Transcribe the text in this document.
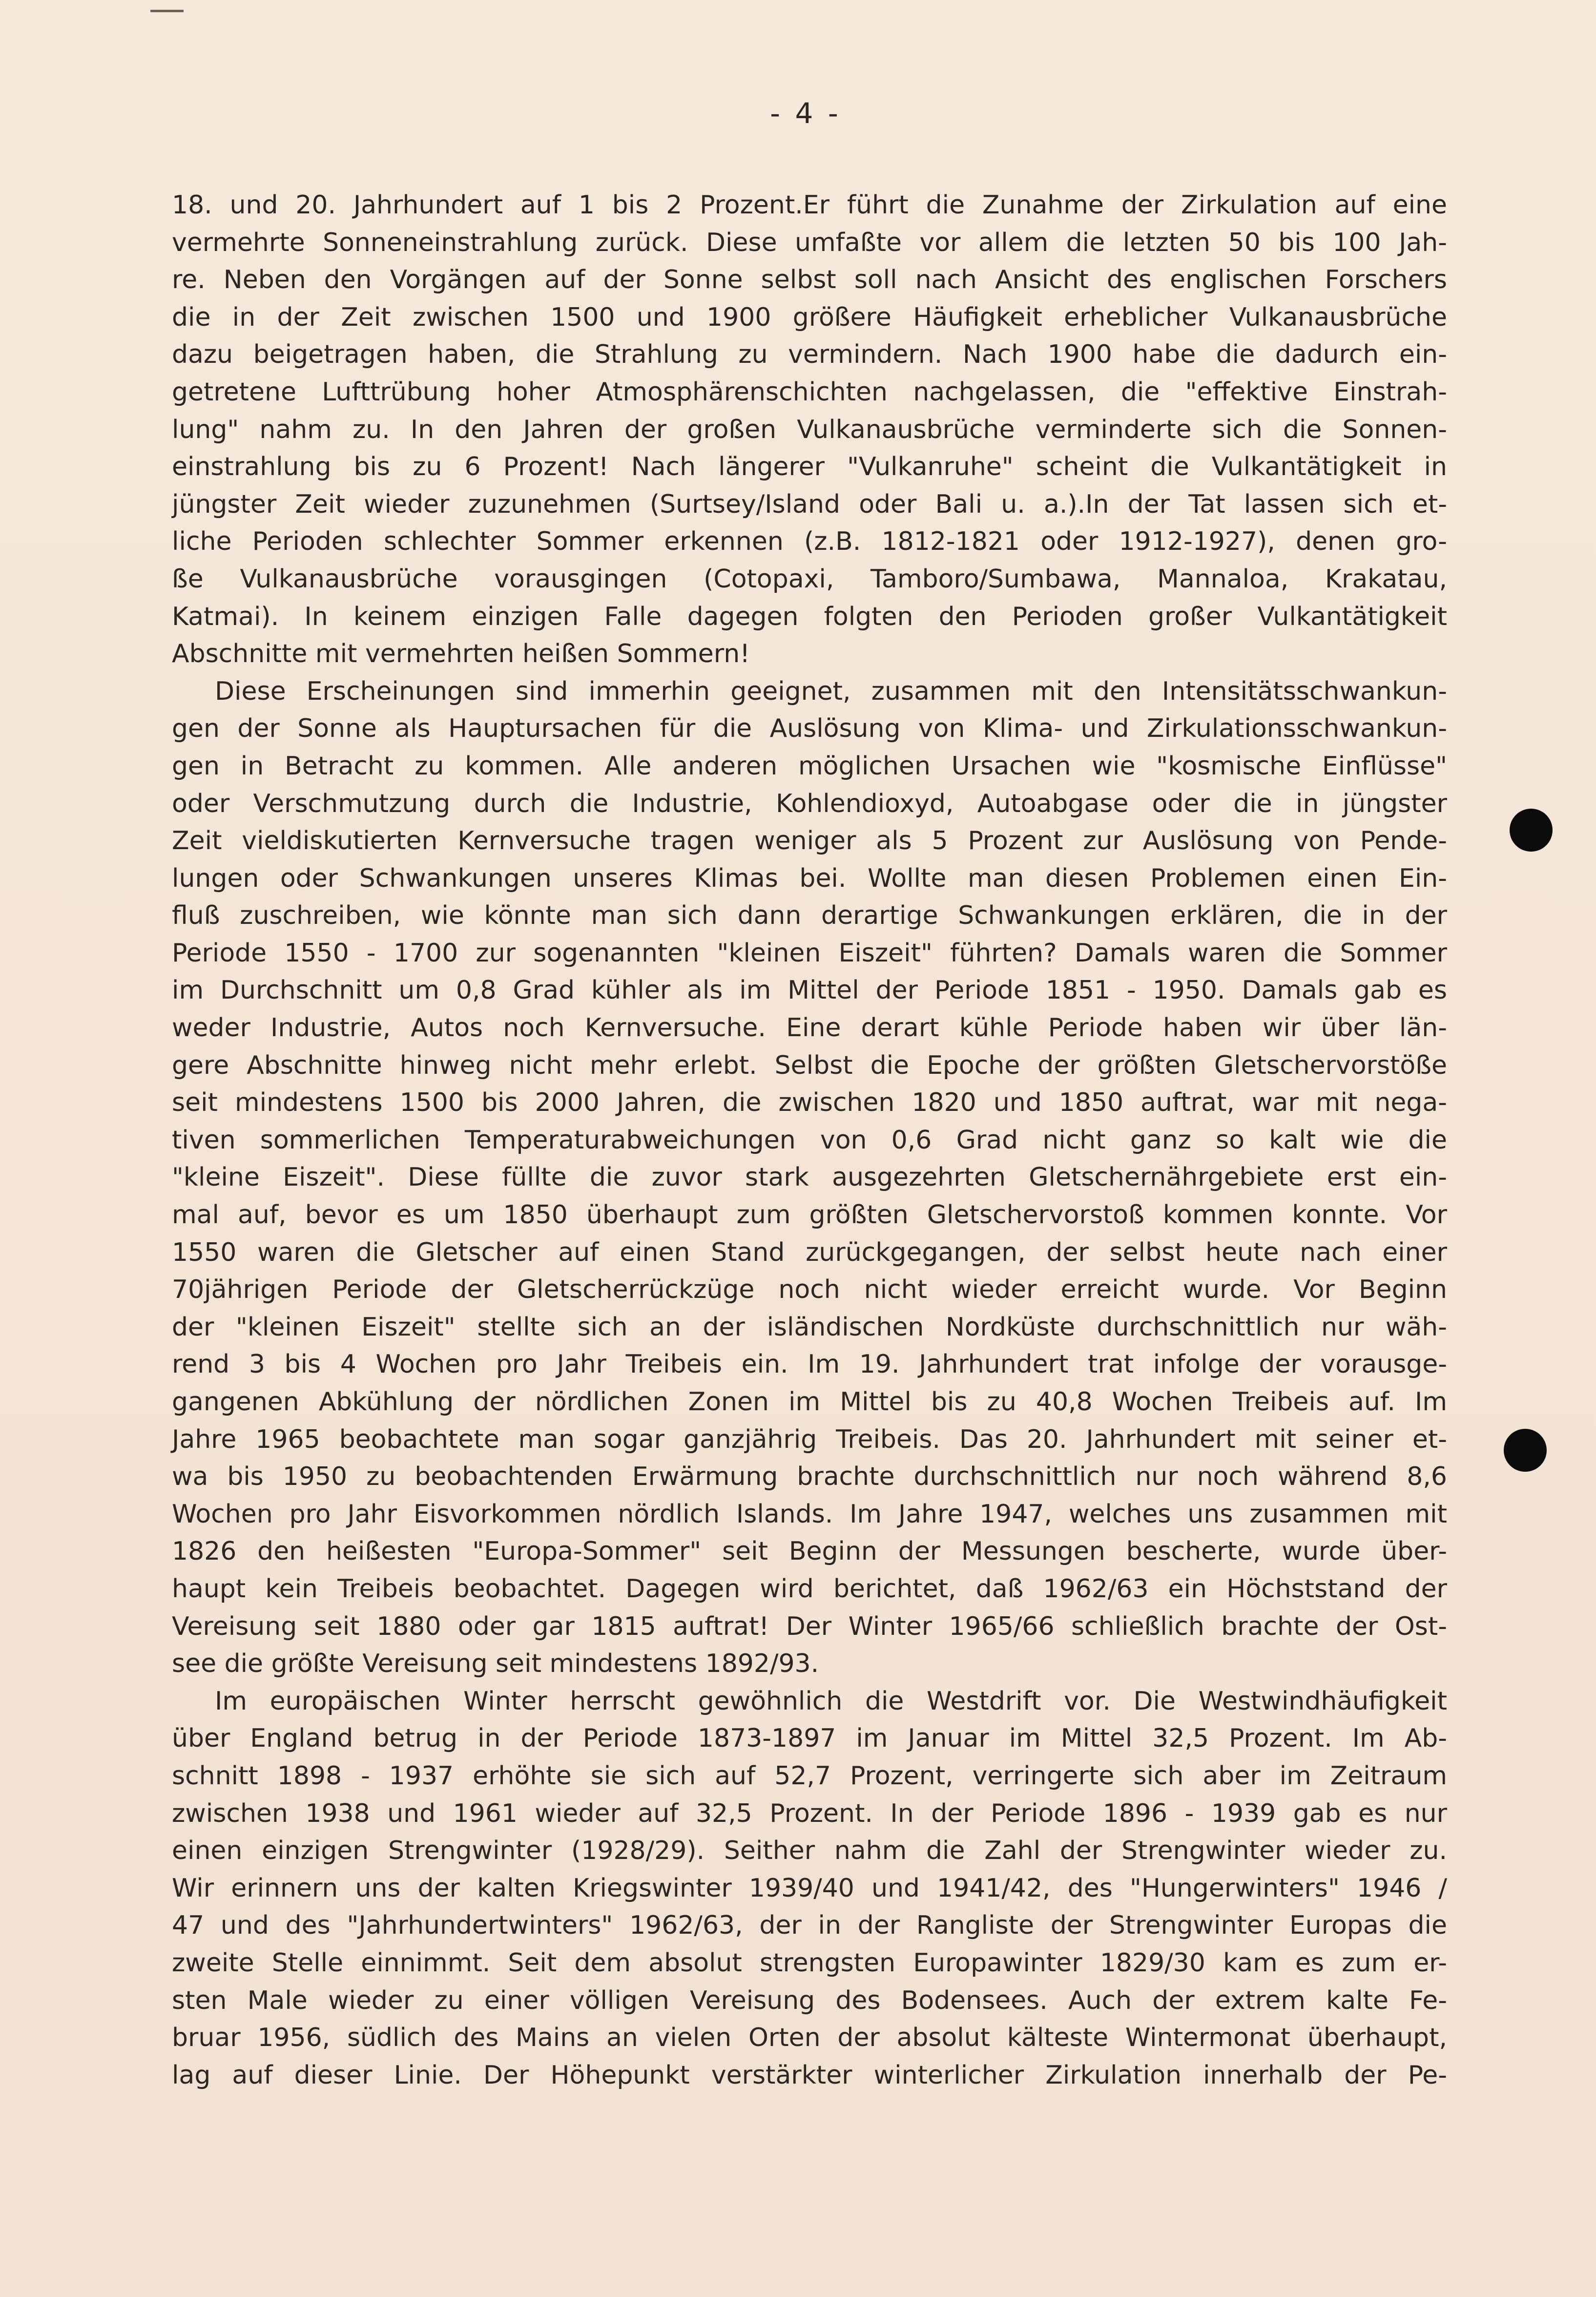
- 4 -
18. und 20. Jahrhundert auf 1 bis 2 Prozent.Er führt die Zunahme der Zirkulation auf eine
vermehrte Sonneneinstrahlung zurück. Diese umfaßte vor allem die letzten 50 bis 100 Jah-
re. Neben den Vorgängen auf der Sonne selbst soll nach Ansicht des englischen Forschers
die in der Zeit zwischen 1500 und 1900 größere Häufigkeit erheblicher Vulkanausbrüche
dazu beigetragen haben, die Strahlung zu vermindern. Nach 1900 habe die dadurch ein-
getretene Lufttrübung hoher Atmosphärenschichten nachgelassen, die "effektive Einstrah-
lung" nahm zu. In den Jahren der großen Vulkanausbrüche verminderte sich die Sonnen-
einstrahlung bis zu 6 Prozent! Nach längerer "Vulkanruhe" scheint die Vulkantätigkeit in
jüngster Zeit wieder zuzunehmen (Surtsey/Island oder Bali u. a.).In der Tat lassen sich et-
liche Perioden schlechter Sommer erkennen (z.B. 1812-1821 oder 1912-1927), denen gro-
ße Vulkanausbrüche vorausgingen (Cotopaxi, Tamboro/Sumbawa, Mannaloa, Krakatau,
Katmai). In keinem einzigen Falle dagegen folgten den Perioden großer Vulkantätigkeit
Abschnitte mit vermehrten heißen Sommern!
Diese Erscheinungen sind immerhin geeignet, zusammen mit den Intensitätsschwankun-
gen der Sonne als Hauptursachen für die Auslösung von Klima- und Zirkulationsschwankun-
gen in Betracht zu kommen. Alle anderen möglichen Ursachen wie "kosmische Einflüsse"
oder Verschmutzung durch die Industrie, Kohlendioxyd, Autoabgase oder die in jüngster
Zeit vieldiskutierten Kernversuche tragen weniger als 5 Prozent zur Auslösung von Pende-
lungen oder Schwankungen unseres Klimas bei. Wollte man diesen Problemen einen Ein-
fluß zuschreiben, wie könnte man sich dann derartige Schwankungen erklären, die in der
Periode 1550 - 1700 zur sogenannten "kleinen Eiszeit" führten? Damals waren die Sommer
im Durchschnitt um 0,8 Grad kühler als im Mittel der Periode 1851 - 1950. Damals gab es
weder Industrie, Autos noch Kernversuche. Eine derart kühle Periode haben wir über län-
gere Abschnitte hinweg nicht mehr erlebt. Selbst die Epoche der größten Gletschervorstöße
seit mindestens 1500 bis 2000 Jahren, die zwischen 1820 und 1850 auftrat, war mit nega-
tiven sommerlichen Temperaturabweichungen von 0,6 Grad nicht ganz so kalt wie die
"kleine Eiszeit". Diese füllte die zuvor stark ausgezehrten Gletschernährgebiete erst ein-
mal auf, bevor es um 1850 überhaupt zum größten Gletschervorstoß kommen konnte. Vor
1550 waren die Gletscher auf einen Stand zurückgegangen, der selbst heute nach einer
70jährigen Periode der Gletscherrückzüge noch nicht wieder erreicht wurde. Vor Beginn
der "kleinen Eiszeit" stellte sich an der isländischen Nordküste durchschnittlich nur wäh-
rend 3 bis 4 Wochen pro Jahr Treibeis ein. Im 19. Jahrhundert trat infolge der vorausge-
gangenen Abkühlung der nördlichen Zonen im Mittel bis zu 40,8 Wochen Treibeis auf. Im
Jahre 1965 beobachtete man sogar ganzjährig Treibeis. Das 20. Jahrhundert mit seiner et-
wa bis 1950 zu beobachtenden Erwärmung brachte durchschnittlich nur noch während 8,6
Wochen pro Jahr Eisvorkommen nördlich Islands. Im Jahre 1947, welches uns zusammen mit
1826 den heißesten "Europa-Sommer" seit Beginn der Messungen bescherte, wurde über-
haupt kein Treibeis beobachtet. Dagegen wird berichtet, daß 1962/63 ein Höchststand der
Vereisung seit 1880 oder gar 1815 auftrat! Der Winter 1965/66 schließlich brachte der Ost-
see die größte Vereisung seit mindestens 1892/93.
Im europäischen Winter herrscht gewöhnlich die Westdrift vor. Die Westwindhäufigkeit
über England betrug in der Periode 1873-1897 im Januar im Mittel 32,5 Prozent. Im Ab-
schnitt 1898 - 1937 erhöhte sie sich auf 52,7 Prozent, verringerte sich aber im Zeitraum
zwischen 1938 und 1961 wieder auf 32,5 Prozent. In der Periode 1896 - 1939 gab es nur
einen einzigen Strengwinter (1928/29). Seither nahm die Zahl der Strengwinter wieder zu.
Wir erinnern uns der kalten Kriegswinter 1939/40 und 1941/42, des "Hungerwinters" 1946 /
47 und des "Jahrhundertwinters" 1962/63, der in der Rangliste der Strengwinter Europas die
zweite Stelle einnimmt. Seit dem absolut strengsten Europawinter 1829/30 kam es zum er-
sten Male wieder zu einer völligen Vereisung des Bodensees. Auch der extrem kalte Fe-
bruar 1956, südlich des Mains an vielen Orten der absolut kälteste Wintermonat überhaupt,
lag auf dieser Linie. Der Höhepunkt verstärkter winterlicher Zirkulation innerhalb der Pe-
